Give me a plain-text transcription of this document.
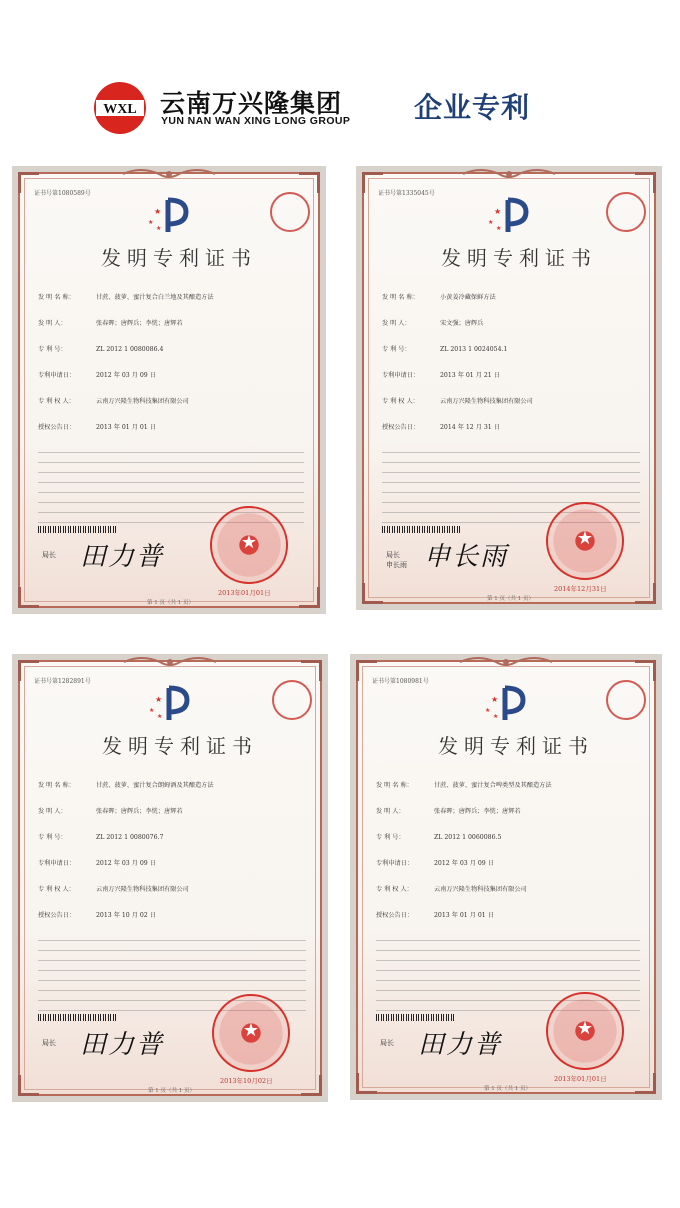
WXL 云南万兴隆集团
YUN NAN WAN XING LONG GROUP 企业专利
证书号第1080589号
★
★
★
发明专利证书
发 明 名 称：	甘蔗、菠萝、蜜汁复合白兰地及其酿造方法
发 明 人：	张春晖；唐辉兵；李恍；唐辉若
专 利 号：	ZL 2012 1 0080086.4
专利申请日：	2012 年 03 月 09 日
专 利 权 人：	云南万兴隆生物科技集团有限公司
授权公告日：	2013 年 01 月 01 日
局长 田力普
★
2013年01月01日
第 1 页（共 1 页）
证书号第1335045号
★
★
★
发明专利证书
发 明 名 称：	小黄姜冷藏保鲜方法
发 明 人：	宋文强；唐辉兵
专 利 号：	ZL 2013 1 0024054.1
专利申请日：	2013 年 01 月 21 日
专 利 权 人：	云南万兴隆生物科技集团有限公司
授权公告日：	2014 年 12 月 31 日
局长
申长雨 申长雨
★
2014年12月31日
第 1 页（共 1 页）
证书号第1282891号
★
★
★
发明专利证书
发 明 名 称：	甘蔗、菠萝、蜜汁复合朗姆酒及其酿造方法
发 明 人：	张春晖；唐辉兵；李恍；唐辉若
专 利 号：	ZL 2012 1 0080076.7
专利申请日：	2012 年 03 月 09 日
专 利 权 人：	云南万兴隆生物科技集团有限公司
授权公告日：	2013 年 10 月 02 日
局长 田力普
★
2013年10月02日
第 1 页（共 1 页）
证书号第1080981号
★
★
★
发明专利证书
发 明 名 称：	甘蔗、菠萝、蜜汁复合啤类型及其酿造方法
发 明 人：	张春晖；唐辉兵；李恍；唐辉若
专 利 号：	ZL 2012 1 0060086.5
专利申请日：	2012 年 03 月 09 日
专 利 权 人：	云南万兴隆生物科技集团有限公司
授权公告日：	2013 年 01 月 01 日
局长 田力普
★
2013年01月01日
第 1 页（共 1 页）
